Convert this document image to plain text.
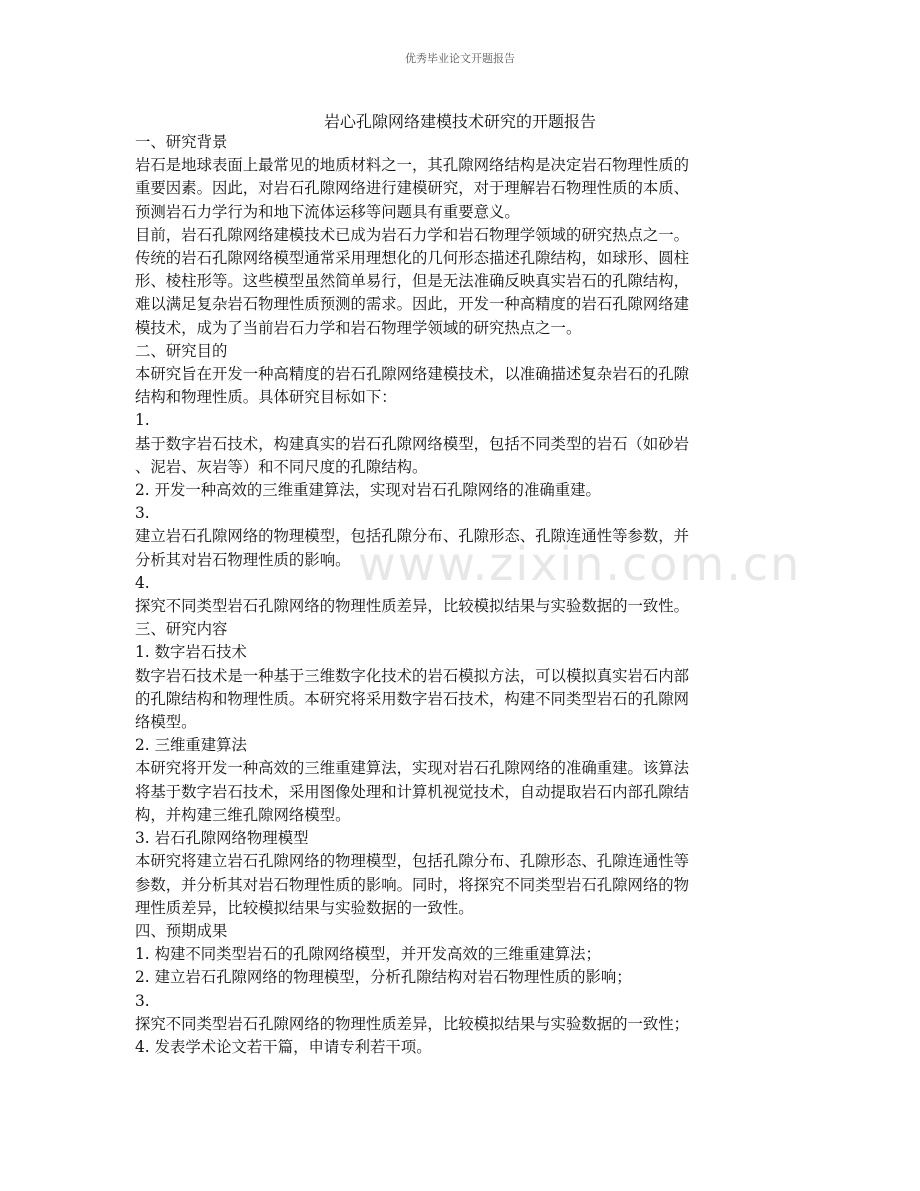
优秀毕业论文开题报告
岩心孔隙网络建模技术研究的开题报告

一、研究背景

岩石是地球表面上最常见的地质材料之一，其孔隙网络结构是决定岩石物理性质的

重要因素。因此，对岩石孔隙网络进行建模研究，对于理解岩石物理性质的本质、

预测岩石力学行为和地下流体运移等问题具有重要意义。

目前，岩石孔隙网络建模技术已成为岩石力学和岩石物理学领域的研究热点之一。

传统的岩石孔隙网络模型通常采用理想化的几何形态描述孔隙结构，如球形、圆柱

形、棱柱形等。这些模型虽然简单易行，但是无法准确反映真实岩石的孔隙结构，

难以满足复杂岩石物理性质预测的需求。因此，开发一种高精度的岩石孔隙网络建

模技术，成为了当前岩石力学和岩石物理学领域的研究热点之一。

二、研究目的

本研究旨在开发一种高精度的岩石孔隙网络建模技术，以准确描述复杂岩石的孔隙

结构和物理性质。具体研究目标如下：

1.

基于数字岩石技术，构建真实的岩石孔隙网络模型，包括不同类型的岩石（如砂岩

、泥岩、灰岩等）和不同尺度的孔隙结构。

2. 开发一种高效的三维重建算法，实现对岩石孔隙网络的准确重建。

3.

建立岩石孔隙网络的物理模型，包括孔隙分布、孔隙形态、孔隙连通性等参数，并

分析其对岩石物理性质的影响。

4.

探究不同类型岩石孔隙网络的物理性质差异，比较模拟结果与实验数据的一致性。

三、研究内容

1. 数字岩石技术

数字岩石技术是一种基于三维数字化技术的岩石模拟方法，可以模拟真实岩石内部

的孔隙结构和物理性质。本研究将采用数字岩石技术，构建不同类型岩石的孔隙网

络模型。

2. 三维重建算法

本研究将开发一种高效的三维重建算法，实现对岩石孔隙网络的准确重建。该算法

将基于数字岩石技术，采用图像处理和计算机视觉技术，自动提取岩石内部孔隙结

构，并构建三维孔隙网络模型。

3. 岩石孔隙网络物理模型

本研究将建立岩石孔隙网络的物理模型，包括孔隙分布、孔隙形态、孔隙连通性等

参数，并分析其对岩石物理性质的影响。同时，将探究不同类型岩石孔隙网络的物

理性质差异，比较模拟结果与实验数据的一致性。

四、预期成果

1. 构建不同类型岩石的孔隙网络模型，并开发高效的三维重建算法；

2. 建立岩石孔隙网络的物理模型，分析孔隙结构对岩石物理性质的影响；

3.

探究不同类型岩石孔隙网络的物理性质差异，比较模拟结果与实验数据的一致性；

4. 发表学术论文若干篇，申请专利若干项。

www.zixin.com.cn
